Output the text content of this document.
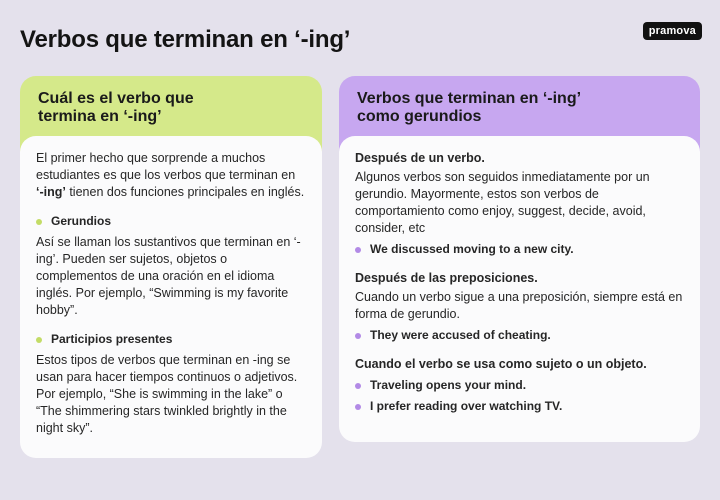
Verbos que terminan en ‘-ing’	pramova
Cuál es el verbo que
termina en ‘-ing’
El primer hecho que sorprende a muchos estudiantes es que los verbos que terminan en ‘-ing’ tienen dos funciones principales en inglés.
Gerundios
Así se llaman los sustantivos que terminan en ‘-ing’. Pueden ser sujetos, objetos o complementos de una oración en el idioma inglés. Por ejemplo, “Swimming is my favorite hobby”.
Participios presentes
Estos tipos de verbos que terminan en -ing se usan para hacer tiempos continuos o adjetivos. Por ejemplo, “She is swimming in the lake” o “The shimmering stars twinkled brightly in the night sky”.
Verbos que terminan en ‘-ing’
como gerundios
Después de un verbo.
Algunos verbos son seguidos inmediatamente por un gerundio. Mayormente, estos son verbos de comportamiento como enjoy, suggest, decide, avoid, consider, etc
We discussed moving to a new city.
Después de las preposiciones.
Cuando un verbo sigue a una preposición, siempre está en forma de gerundio.
They were accused of cheating.
Cuando el verbo se usa como sujeto o un objeto.
Traveling opens your mind.
I prefer reading over watching TV.
